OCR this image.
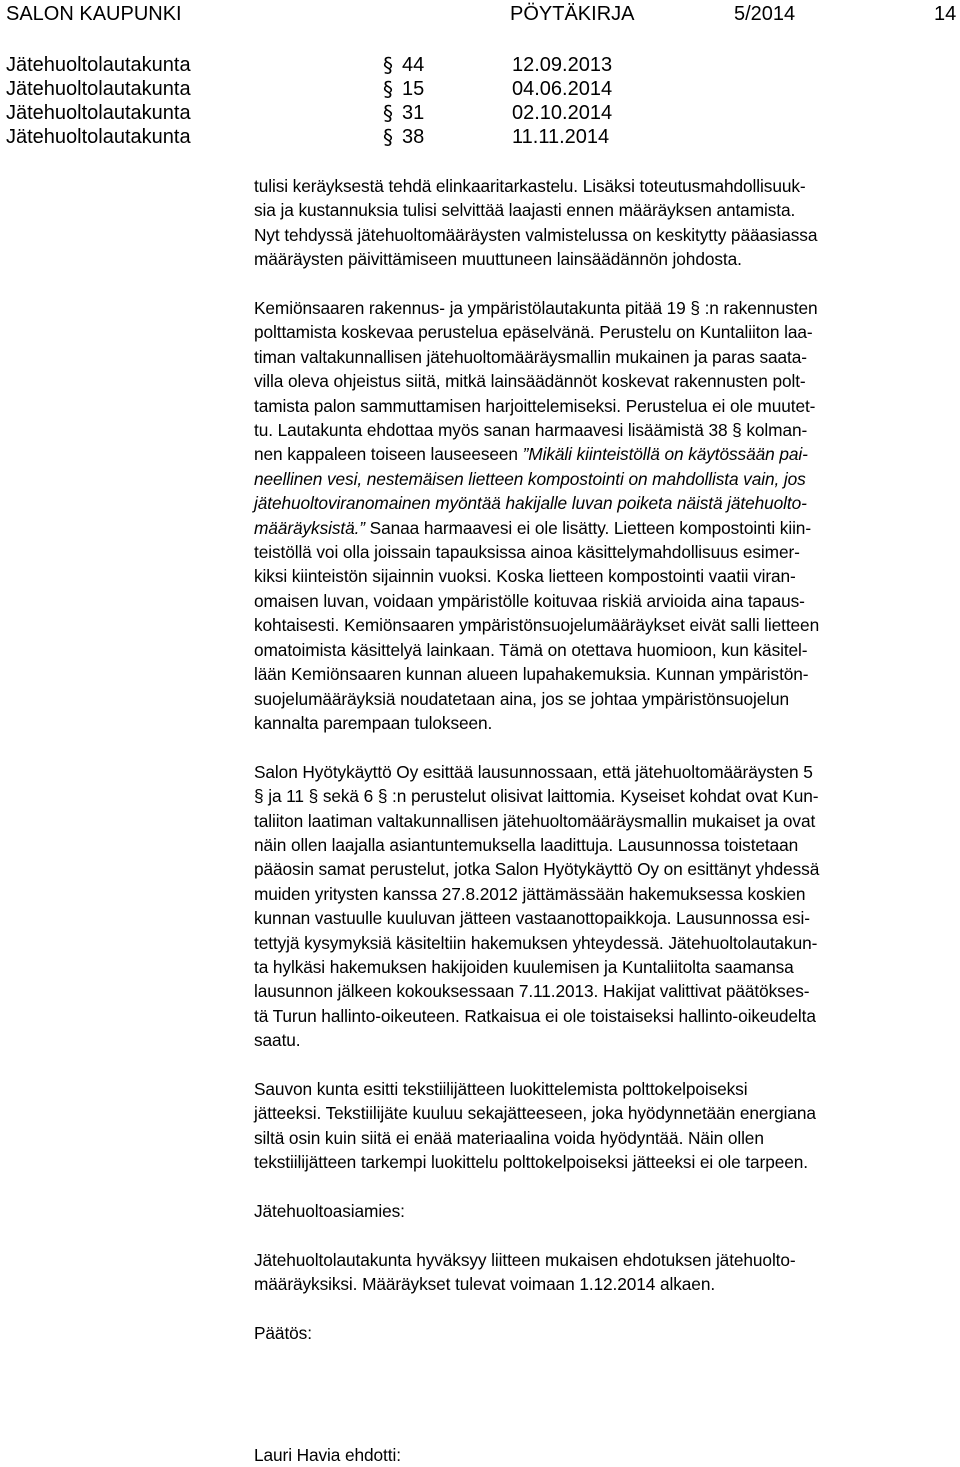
SALON KAUPUNKI	PÖYTÄKIRJA	5/2014	14
Jätehuoltolautakunta	§ 44	12.09.2013
Jätehuoltolautakunta	§ 15	04.06.2014
Jätehuoltolautakunta	§ 31	02.10.2014
Jätehuoltolautakunta	§ 38	11.11.2014

tulisi keräyksestä tehdä elinkaaritarkastelu. Lisäksi toteutusmahdollisuuk-

sia ja kustannuksia tulisi selvittää laajasti ennen määräyksen antamista.

Nyt tehdyssä jätehuoltomääräysten valmistelussa on keskitytty pääasiassa

määräysten päivittämiseen muuttuneen lainsäädännön johdosta.

Kemiönsaaren rakennus- ja ympäristölautakunta pitää 19 § :n rakennusten

polttamista koskevaa perustelua epäselvänä. Perustelu on Kuntaliiton laa-

timan valtakunnallisen jätehuoltomääräysmallin mukainen ja paras saata-

villa oleva ohjeistus siitä, mitkä lainsäädännöt koskevat rakennusten polt-

tamista palon sammuttamisen harjoittelemiseksi. Perustelua ei ole muutet-

tu. Lautakunta ehdottaa myös sanan harmaavesi lisäämistä 38 § kolman-

nen kappaleen toiseen lauseeseen ”Mikäli kiinteistöllä on käytössään pai-

neellinen vesi, nestemäisen lietteen kompostointi on mahdollista vain, jos

jätehuoltoviranomainen myöntää hakijalle luvan poiketa näistä jätehuolto-

määräyksistä.” Sanaa harmaavesi ei ole lisätty. Lietteen kompostointi kiin-

teistöllä voi olla joissain tapauksissa ainoa käsittelymahdollisuus esimer-

kiksi kiinteistön sijainnin vuoksi. Koska lietteen kompostointi vaatii viran-

omaisen luvan, voidaan ympäristölle koituvaa riskiä arvioida aina tapaus-

kohtaisesti. Kemiönsaaren ympäristönsuojelumääräykset eivät salli lietteen

omatoimista käsittelyä lainkaan. Tämä on otettava huomioon, kun käsitel-

lään Kemiönsaaren kunnan alueen lupahakemuksia. Kunnan ympäristön-

suojelumääräyksiä noudatetaan aina, jos se johtaa ympäristönsuojelun

kannalta parempaan tulokseen.

Salon Hyötykäyttö Oy esittää lausunnossaan, että jätehuoltomääräysten 5

§ ja 11 § sekä 6 § :n perustelut olisivat laittomia. Kyseiset kohdat ovat Kun-

taliiton laatiman valtakunnallisen jätehuoltomääräysmallin mukaiset ja ovat

näin ollen laajalla asiantuntemuksella laadittuja. Lausunnossa toistetaan

pääosin samat perustelut, jotka Salon Hyötykäyttö Oy on esittänyt yhdessä

muiden yritysten kanssa 27.8.2012 jättämässään hakemuksessa koskien

kunnan vastuulle kuuluvan jätteen vastaanottopaikkoja. Lausunnossa esi-

tettyjä kysymyksiä käsiteltiin hakemuksen yhteydessä. Jätehuoltolautakun-

ta hylkäsi hakemuksen hakijoiden kuulemisen ja Kuntaliitolta saamansa

lausunnon jälkeen kokouksessaan 7.11.2013. Hakijat valittivat päätökses-

tä Turun hallinto-oikeuteen. Ratkaisua ei ole toistaiseksi hallinto-oikeudelta

saatu.

Sauvon kunta esitti tekstiilijätteen luokittelemista polttokelpoiseksi

jätteeksi. Tekstiilijäte kuuluu sekajätteeseen, joka hyödynnetään energiana

siltä osin kuin siitä ei enää materiaalina voida hyödyntää. Näin ollen

tekstiilijätteen tarkempi luokittelu polttokelpoiseksi jätteeksi ei ole tarpeen.

Jätehuoltoasiamies:

Jätehuoltolautakunta hyväksyy liitteen mukaisen ehdotuksen jätehuolto-

määräyksiksi. Määräykset tulevat voimaan 1.12.2014 alkaen.

Päätös:

Lauri Havia ehdotti:
